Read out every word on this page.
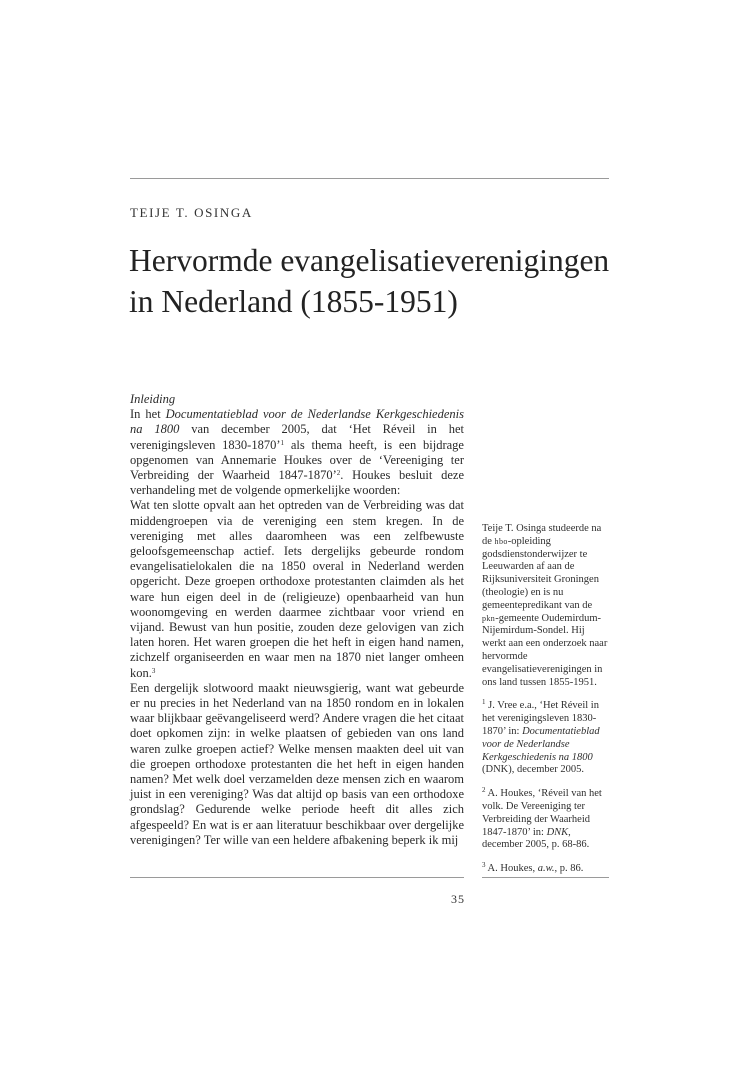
TEIJE T. OSINGA
Hervormde evangelisatieverenigingen
in Nederland (1855-1951)

Inleiding

In het Documentatieblad voor de Nederlandse Kerkgeschiedenis na 1800 van december 2005, dat ‘Het Réveil in het verenigingsleven 1830-1870’$^1$ als thema heeft, is een bijdrage opgenomen van Annemarie Houkes over de ‘Vereeniging ter Verbreiding der Waarheid 1847-1870’$^2$. Houkes besluit deze verhandeling met de volgende opmerkelijke woorden:

Wat ten slotte opvalt aan het optreden van de Verbreiding was dat middengroepen via de vereniging een stem kregen. In de vereniging met alles daaromheen was een zelfbewuste geloofsgemeenschap actief. Iets dergelijks gebeurde rondom evangelisatielokalen die na 1850 overal in Nederland werden opgericht. Deze groepen orthodoxe protestanten claimden als het ware hun eigen deel in de (religieuze) openbaarheid van hun woonomgeving en werden daarmee zichtbaar voor vriend en vijand. Bewust van hun positie, zouden deze gelovigen van zich laten horen. Het waren groepen die het heft in eigen hand namen, zichzelf organiseerden en waar men na 1870 niet langer omheen kon.$^3$

Een dergelijk slotwoord maakt nieuwsgierig, want wat gebeurde er nu precies in het Nederland van na 1850 rondom en in lokalen waar blijkbaar geëvangeliseerd werd? Andere vragen die het citaat doet opkomen zijn: in welke plaatsen of gebieden van ons land waren zulke groepen actief? Welke mensen maakten deel uit van die groepen orthodoxe protestanten die het heft in eigen handen namen? Met welk doel verzamelden deze mensen zich en waarom juist in een vereniging? Was dat altijd op basis van een orthodoxe grondslag? Gedurende welke periode heeft dit alles zich afgespeeld? En wat is er aan literatuur beschikbaar over dergelijke verenigingen? Ter wille van een heldere afbakening beperk ik mij

Teije T. Osinga studeerde na de hbo-opleiding godsdienstonderwijzer te Leeuwarden af aan de Rijksuniversiteit Groningen (theologie) en is nu gemeentepredikant van de pkn-gemeente Oudemirdum-Nijemirdum-Sondel. Hij werkt aan een onderzoek naar hervormde evangelisatieverenigingen in ons land tussen 1855-1951.

$^1$ J. Vree e.a., ‘Het Réveil in het verenigingsleven 1830-1870’ in: Documentatieblad voor de Nederlandse Kerkgeschiedenis na 1800 (DNK), december 2005.

$^2$ A. Houkes, ‘Réveil van het volk. De Vereeniging ter Verbreiding der Waarheid 1847-1870’ in: DNK, december 2005, p. 68-86.

$^3$ A. Houkes, a.w., p. 86.

35
